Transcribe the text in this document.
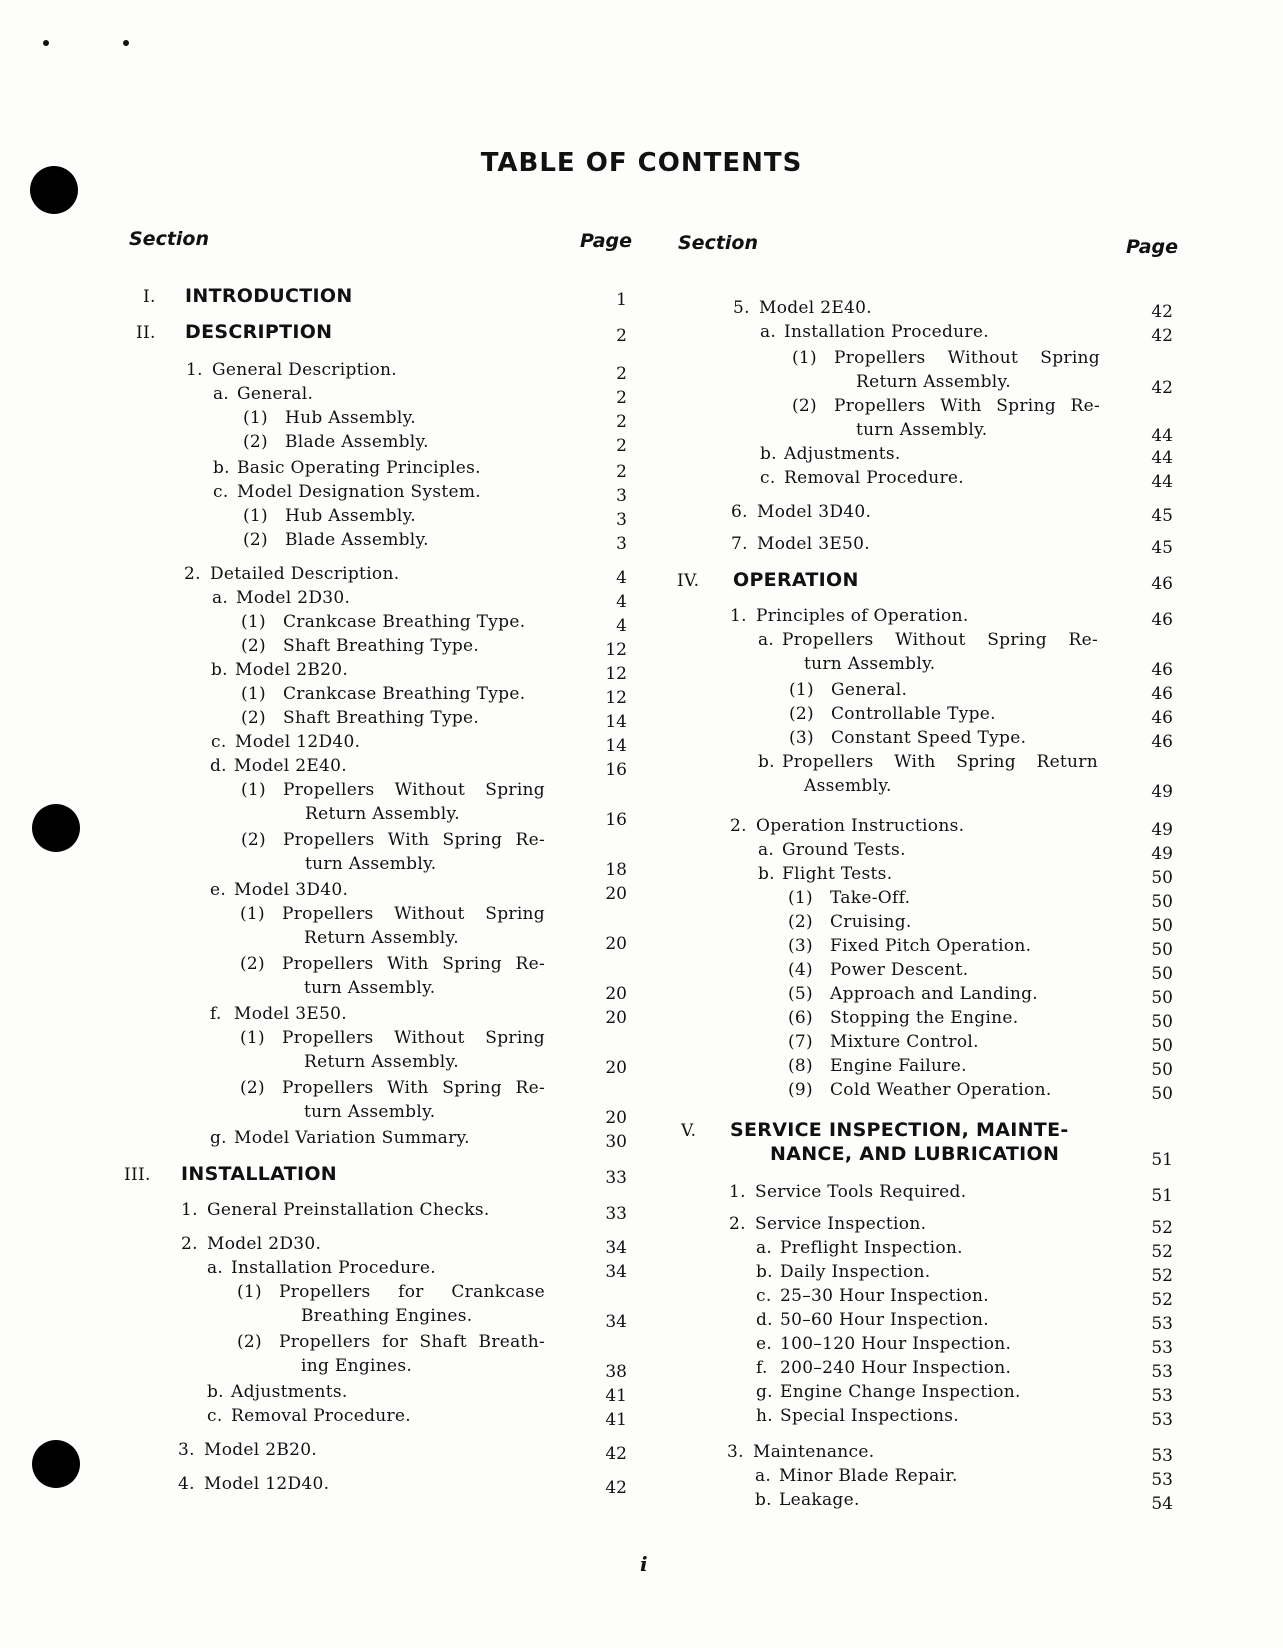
TABLE OF CONTENTS
Section	Page Section	Page
I. INTRODUCTION	1
II. DESCRIPTION	2
1. General Description.	2
a. General.	2
(1) Hub Assembly.	2
(2) Blade Assembly.	2
b. Basic Operating Principles.	2
c. Model Designation System.	3
(1) Hub Assembly.	3
(2) Blade Assembly.	3
2. Detailed Description.	4
a. Model 2D30.	4
(1) Crankcase Breathing Type.	4
(2) Shaft Breathing Type.	12
b. Model 2B20.	12
(1) Crankcase Breathing Type.	12
(2) Shaft Breathing Type.	14
c. Model 12D40.	14
d. Model 2E40.	16
(1) Propellers Without Spring
Return Assembly.	16
(2) Propellers With Spring Re-
turn Assembly.	18
e. Model 3D40.	20
(1) Propellers Without Spring
Return Assembly.	20
(2) Propellers With Spring Re-
turn Assembly.	20
f. Model 3E50.	20
(1) Propellers Without Spring
Return Assembly.	20
(2) Propellers With Spring Re-
turn Assembly.	20
g. Model Variation Summary.	30
III. INSTALLATION	33
1. General Preinstallation Checks.	33
2. Model 2D30.	34
a. Installation Procedure.	34
(1) Propellers for Crankcase
Breathing Engines.	34
(2) Propellers for Shaft Breath-
ing Engines.	38
b. Adjustments.	41
c. Removal Procedure.	41
3. Model 2B20.	42
4. Model 12D40.	42
5. Model 2E40.	42
a. Installation Procedure.	42
(1) Propellers Without Spring
Return Assembly.	42
(2) Propellers With Spring Re-
turn Assembly.	44
b. Adjustments.	44
c. Removal Procedure.	44
6. Model 3D40.	45
7. Model 3E50.	45
IV. OPERATION	46
1. Principles of Operation.	46
a. Propellers Without Spring Re-
turn Assembly.	46
(1) General.	46
(2) Controllable Type.	46
(3) Constant Speed Type.	46
b. Propellers With Spring Return
Assembly.	49
2. Operation Instructions.	49
a. Ground Tests.	49
b. Flight Tests.	50
(1) Take-Off.	50
(2) Cruising.	50
(3) Fixed Pitch Operation.	50
(4) Power Descent.	50
(5) Approach and Landing.	50
(6) Stopping the Engine.	50
(7) Mixture Control.	50
(8) Engine Failure.	50
(9) Cold Weather Operation.	50
V. SERVICE INSPECTION, MAINTE-
NANCE, AND LUBRICATION	51
1. Service Tools Required.	51
2. Service Inspection.	52
a. Preflight Inspection.	52
b. Daily Inspection.	52
c. 25–30 Hour Inspection.	52
d. 50–60 Hour Inspection.	53
e. 100–120 Hour Inspection.	53
f. 200–240 Hour Inspection.	53
g. Engine Change Inspection.	53
h. Special Inspections.	53
3. Maintenance.	53
a. Minor Blade Repair.	53
b. Leakage.	54
i
